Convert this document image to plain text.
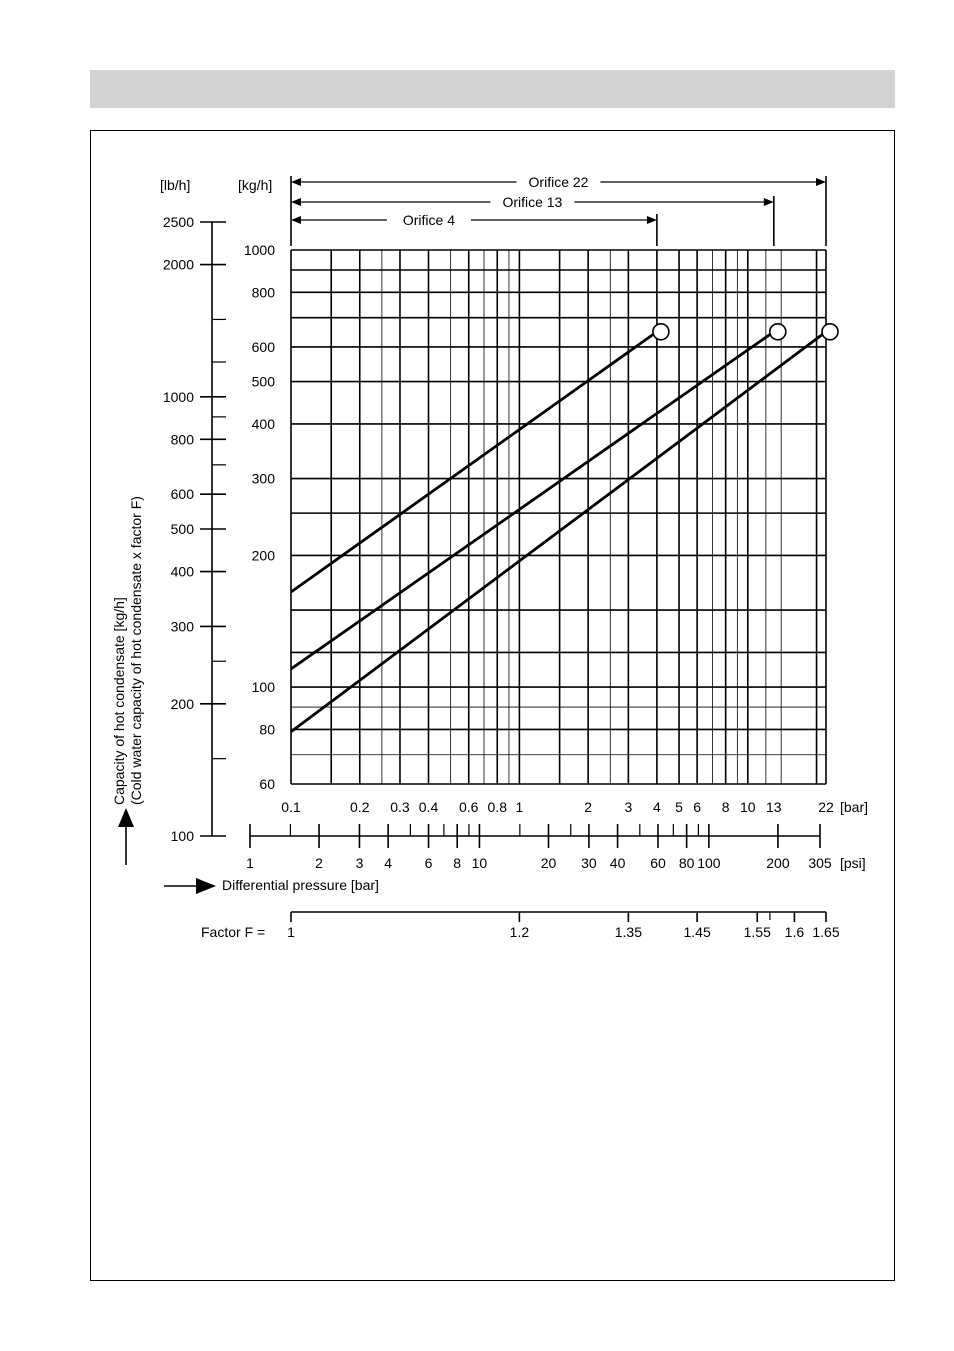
1000
800
600
500
400
300
200
100
80
60
2500
2000
1000
800
600
500
400
300
200
100
0.1	0.2 0.3 0.4 0.6 0.8 1	2 3 4 5 6 8 10 13	22
1	2 3 4 6 8 10	20 30 40 60 80 100	200 305
1	1.2	1.35	1.45 1.55 1.6 1.65
Orifice 4
Orifice 13
Orifice 22
[lb/h]	[kg/h]
[bar]
[psi]
Differential pressure [bar]
Factor F =
Capacity of hot condensate [kg/h] (Cold water capacity of hot condensate x factor F)
